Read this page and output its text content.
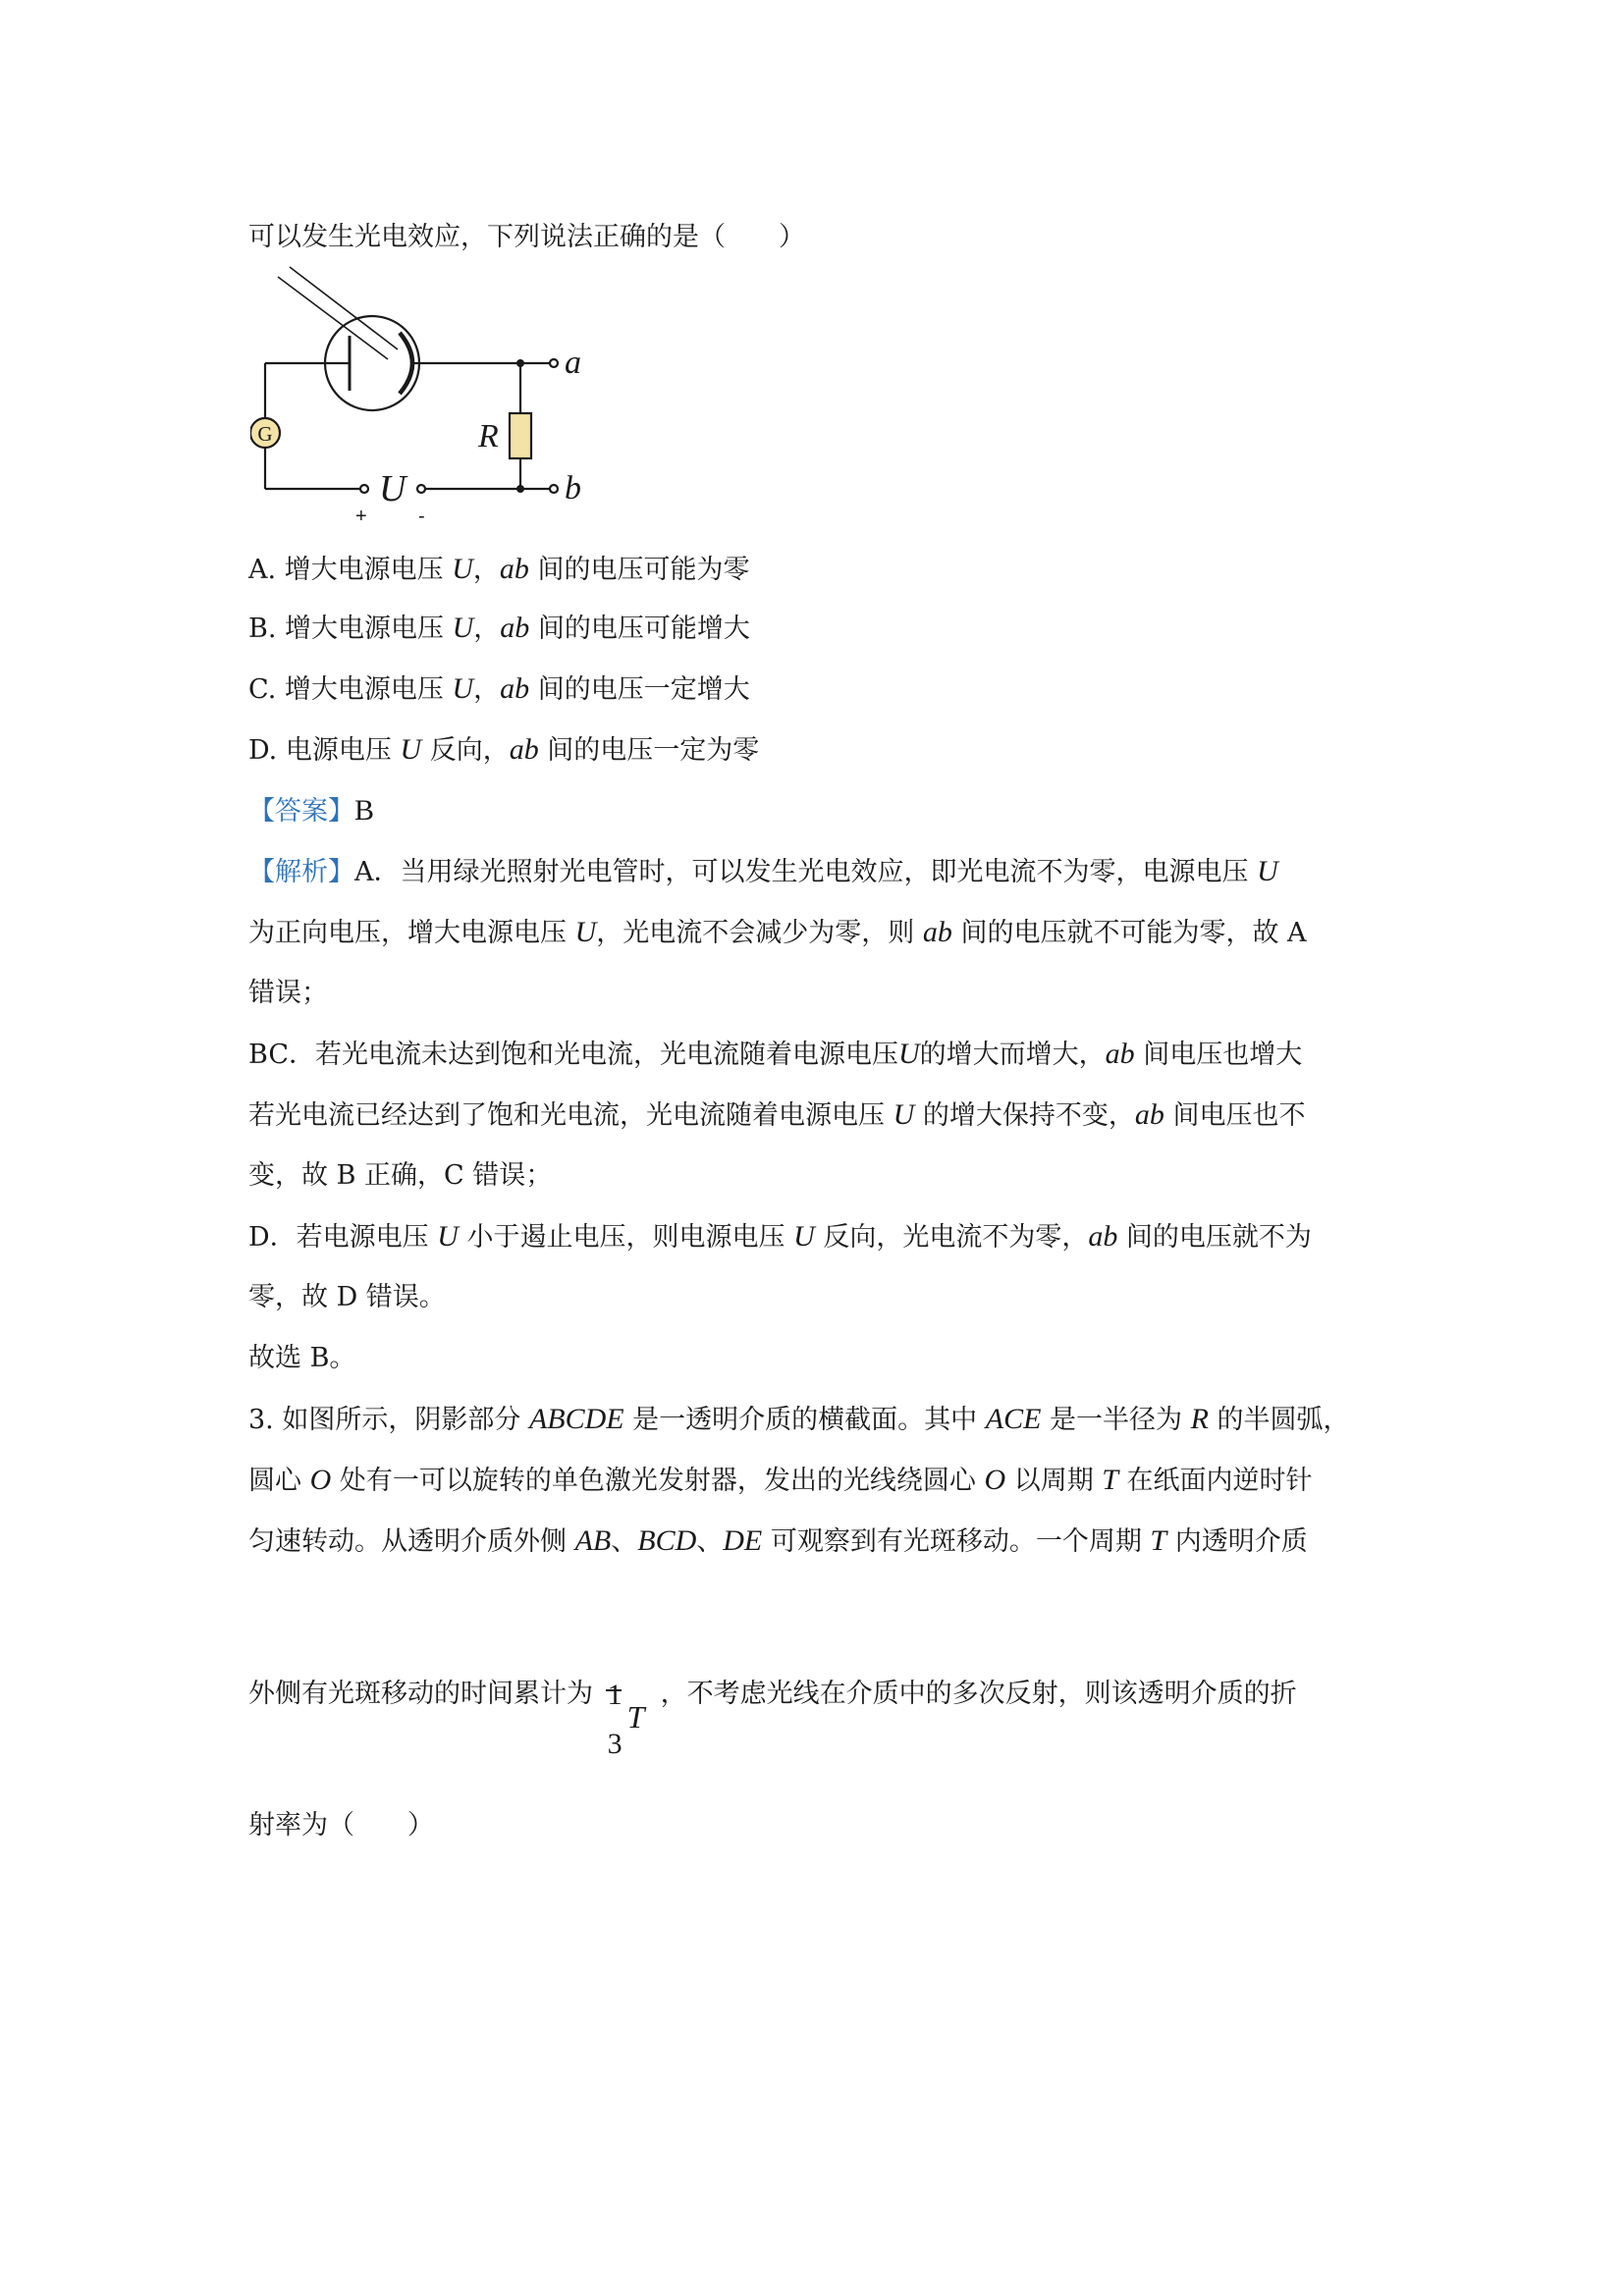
可以发生光电效应，下列说法正确的是（　　）
G
a
b
R
U
+	-
A. 增大电源电压 U，ab 间的电压可能为零
B. 增大电源电压 U，ab 间的电压可能增大
C. 增大电源电压 U，ab 间的电压一定增大
D. 电源电压 U 反向，ab 间的电压一定为零
【答案】B
【解析】A．当用绿光照射光电管时，可以发生光电效应，即光电流不为零，电源电压 U
为正向电压，增大电源电压 U，光电流不会减少为零，则 ab 间的电压就不可能为零，故 A
错误；
BC．若光电流未达到饱和光电流，光电流随着电源电压U的增大而增大，ab 间电压也增大
若光电流已经达到了饱和光电流，光电流随着电源电压 U 的增大保持不变，ab 间电压也不
变，故 B 正确，C 错误；
D．若电源电压 U 小于遏止电压，则电源电压 U 反向，光电流不为零，ab 间的电压就不为
零，故 D 错误。
故选 B。
3. 如图所示，阴影部分 ABCDE 是一透明介质的横截面。其中 ACE 是一半径为 R 的半圆弧，
圆心 O 处有一可以旋转的单色激光发射器，发出的光线绕圆心 O 以周期 T 在纸面内逆时针
匀速转动。从透明介质外侧 AB、BCD、DE 可观察到有光斑移动。一个周期 T 内透明介质
外侧有光斑移动的时间累计为 1
3
T
，不考虑光线在介质中的多次反射，则该透明介质的折
射率为（　　）
